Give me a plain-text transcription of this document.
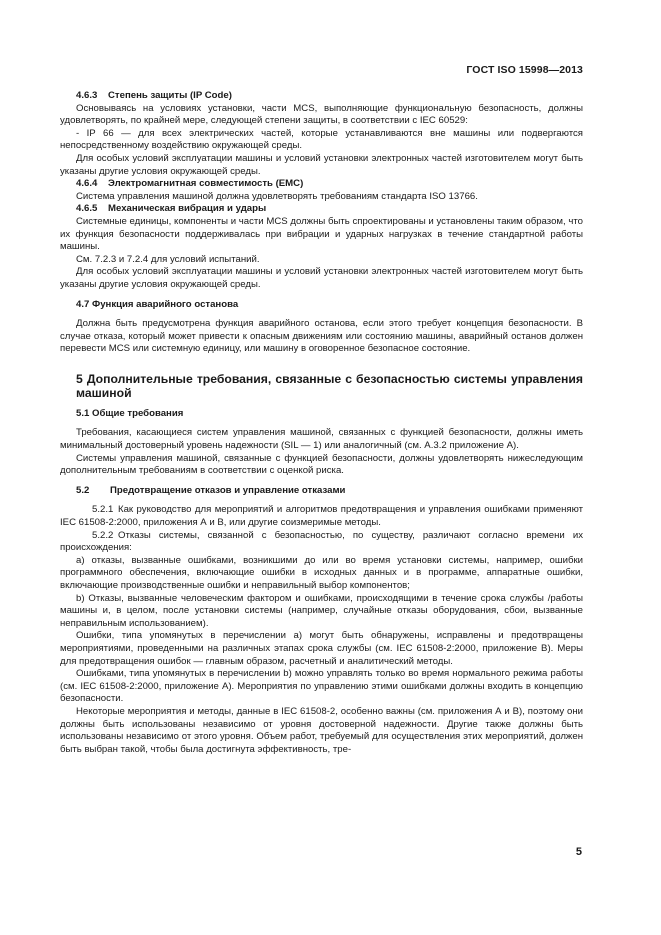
ГОСТ ISO 15998—2013
4.6.3 Степень защиты (IP Code)

Основываясь на условиях установки, части MCS, выполняющие функциональную безопасность, должны удовлетворять, по крайней мере, следующей степени защиты, в соответствии с IEC 60529:

- IP 66 — для всех электрических частей, которые устанавливаются вне машины или подвергаются непосредственному воздействию окружающей среды.

Для особых условий эксплуатации машины и условий установки электронных частей изготовителем могут быть указаны другие условия окружающей среды.

4.6.4 Электромагнитная совместимость (EMC)

Система управления машиной должна удовлетворять требованиям стандарта ISO 13766.

4.6.5 Механическая вибрация и удары

Системные единицы, компоненты и части MCS должны быть спроектированы и установлены таким образом, что их функция безопасности поддерживалась при вибрации и ударных нагрузках в течение стандартной работы машины.

См. 7.2.3 и 7.2.4 для условий испытаний.

Для особых условий эксплуатации машины и условий установки электронных частей изготовителем могут быть указаны другие условия окружающей среды.

4.7 Функция аварийного останова

Должна быть предусмотрена функция аварийного останова, если этого требует концепция безопасности. В случае отказа, который может привести к опасным движениям или состоянию машины, аварийный останов должен перевести MCS или системную единицу, или машину в оговоренное безопасное состояние.

5 Дополнительные требования, связанные с безопасностью системы управления машиной
5.1 Общие требования

Требования, касающиеся систем управления машиной, связанных с функцией безопасности, должны иметь минимальный достоверный уровень надежности (SIL — 1) или аналогичный (см. A.3.2 приложение А).

Системы управления машиной, связанные с функцией безопасности, должны удовлетворять нижеследующим дополнительным требованиям в соответствии с оценкой риска.

5.2 Предотвращение отказов и управление отказами

5.2.1 Как руководство для мероприятий и алгоритмов предотвращения и управления ошибками применяют IEC 61508-2:2000, приложения А и В, или другие соизмеримые методы.

5.2.2 Отказы системы, связанной с безопасностью, по существу, различают согласно времени их происхождения:

a) отказы, вызванные ошибками, возникшими до или во время установки системы, например, ошибки программного обеспечения, включающие ошибки в исходных данных и в программе, аппаратные ошибки, включающие производственные ошибки и неправильный выбор компонентов;

b) Отказы, вызванные человеческим фактором и ошибками, происходящими в течение срока службы /работы машины и, в целом, после установки системы (например, случайные отказы оборудования, сбои, вызванные неправильным использованием).

Ошибки, типа упомянутых в перечислении а) могут быть обнаружены, исправлены и предотвращены мероприятиями, проведенными на различных этапах срока службы (см. IEC 61508-2:2000, приложение В). Меры для предотвращения ошибок — главным образом, расчетный и аналитический методы.

Ошибками, типа упомянутых в перечислении b) можно управлять только во время нормального режима работы (см. IEC 61508-2:2000, приложение А). Мероприятия по управлению этими ошибками должны входить в концепцию безопасности.

Некоторые мероприятия и методы, данные в IEC 61508-2, особенно важны (см. приложения А и В), поэтому они должны быть использованы независимо от уровня достоверной надежности. Другие также должны быть использованы независимо от этого уровня. Объем работ, требуемый для осуществления этих мероприятий, должен быть выбран такой, чтобы была достигнута эффективность, тре-

5
